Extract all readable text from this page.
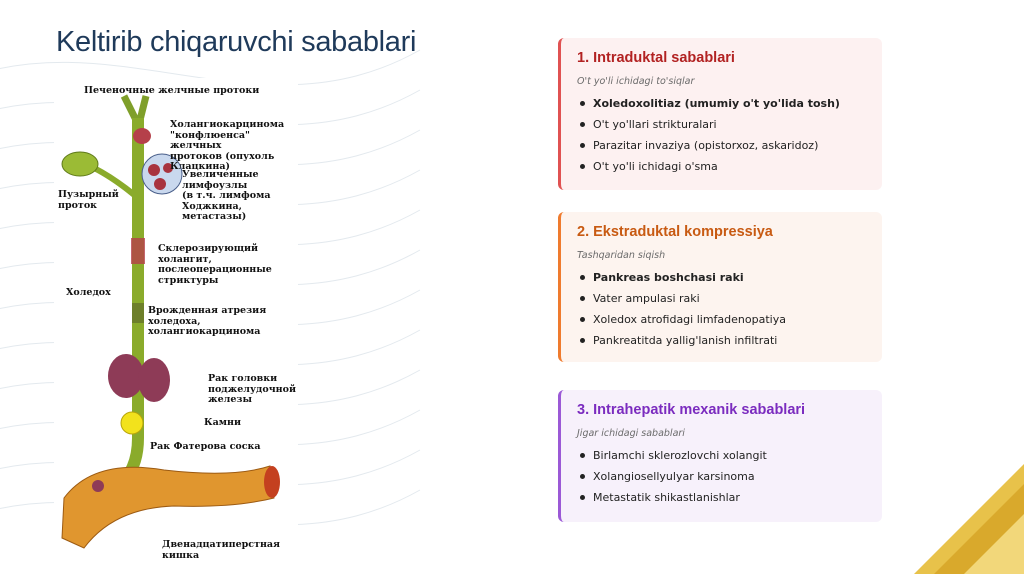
Keltirib chiqaruvchi sabablari
Печеночные желчные протоки
Холангиокарцинома
"конфлюенса" желчных
протоков (опухоль Клацкина)
Увеличенные лимфоузлы
(в т.ч. лимфома Ходжкина,
метастазы)
Пузырный
проток
Склерозирующий холангит,
послеоперационные
стриктуры
Холедох
Врожденная атрезия холедоха,
холангиокарцинома
Рак головки
поджелудочной железы
Камни
Рак Фатерова соска
Двенадцатиперстная кишка
1. Intraduktal sabablari
O't yo'li ichidagi to'siqlar
Xoledoxolitiaz (umumiy o't yo'lida tosh)
O't yo'llari strikturalari
Parazitar invaziya (opistorxoz, askaridoz)
O't yo'li ichidagi o'sma
2. Ekstraduktal kompressiya
Tashqaridan siqish
Pankreas boshchasi raki
Vater ampulasi raki
Xoledox atrofidagi limfadenopatiya
Pankreatitda yallig'lanish infiltrati
3. Intrahepatik mexanik sabablari
Jigar ichidagi sabablari
Birlamchi sklerozlovchi xolangit
Xolangiosellyulyar karsinoma
Metastatik shikastlanishlar
